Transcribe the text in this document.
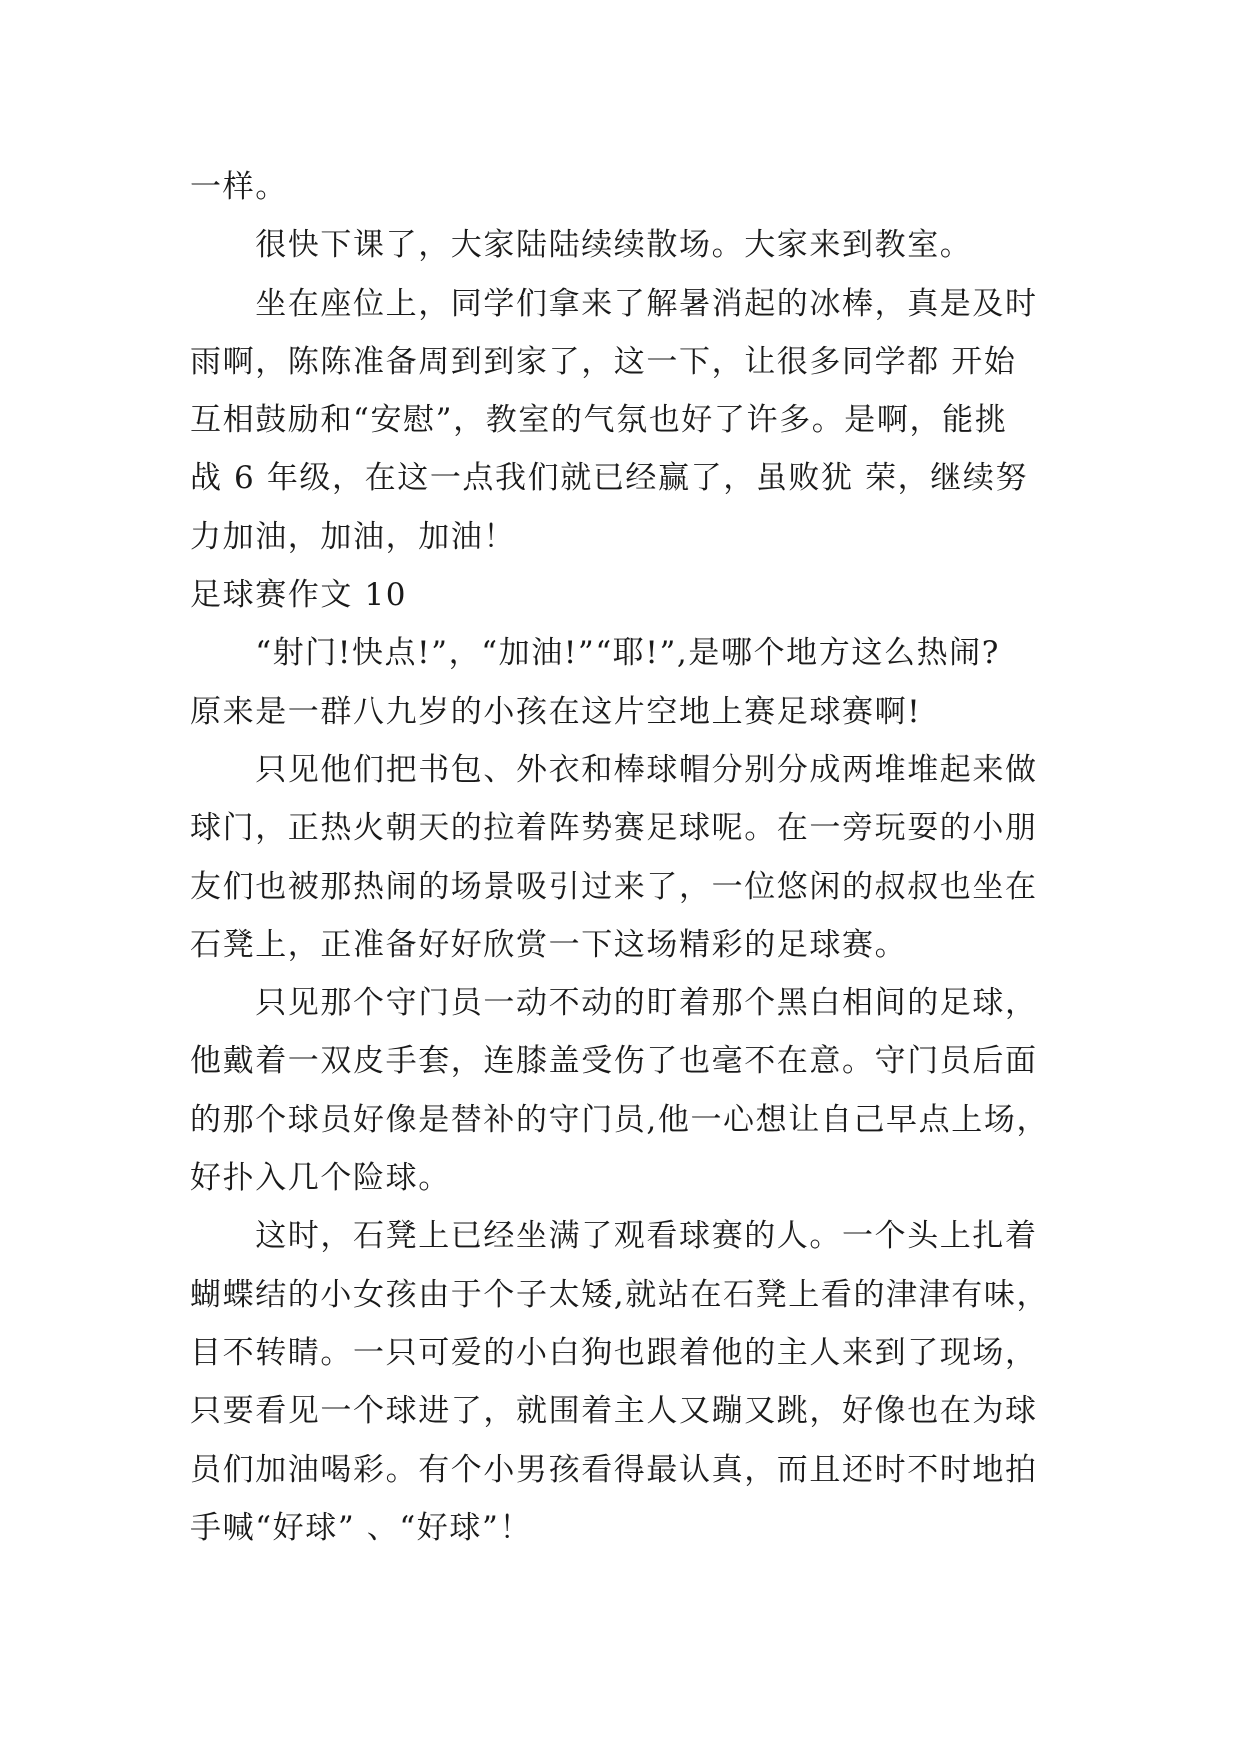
一样。
　　很快下课了，大家陆陆续续散场。大家来到教室。
　　坐在座位上，同学们拿来了解暑消起的冰棒，真是及时
雨啊，陈陈准备周到到家了，这一下，让很多同学都 开始
互相鼓励和“安慰”，教室的气氛也好了许多。是啊，能挑
战 6 年级，在这一点我们就已经赢了，虽败犹 荣，继续努
力加油，加油，加油！
足球赛作文 10
　　“射门!快点!”，“加油!”“耶!”,是哪个地方这么热闹?
原来是一群八九岁的小孩在这片空地上赛足球赛啊!
　　只见他们把书包、外衣和棒球帽分别分成两堆堆起来做
球门，正热火朝天的拉着阵势赛足球呢。在一旁玩耍的小朋
友们也被那热闹的场景吸引过来了，一位悠闲的叔叔也坐在
石凳上，正准备好好欣赏一下这场精彩的足球赛。
　　只见那个守门员一动不动的盯着那个黑白相间的足球，
他戴着一双皮手套，连膝盖受伤了也毫不在意。守门员后面
的那个球员好像是替补的守门员,他一心想让自己早点上场，
好扑入几个险球。
　　这时，石凳上已经坐满了观看球赛的人。一个头上扎着
蝴蝶结的小女孩由于个子太矮,就站在石凳上看的津津有味，
目不转睛。一只可爱的小白狗也跟着他的主人来到了现场，
只要看见一个球进了，就围着主人又蹦又跳，好像也在为球
员们加油喝彩。有个小男孩看得最认真，而且还时不时地拍
手喊“好球” 、“好球”！
